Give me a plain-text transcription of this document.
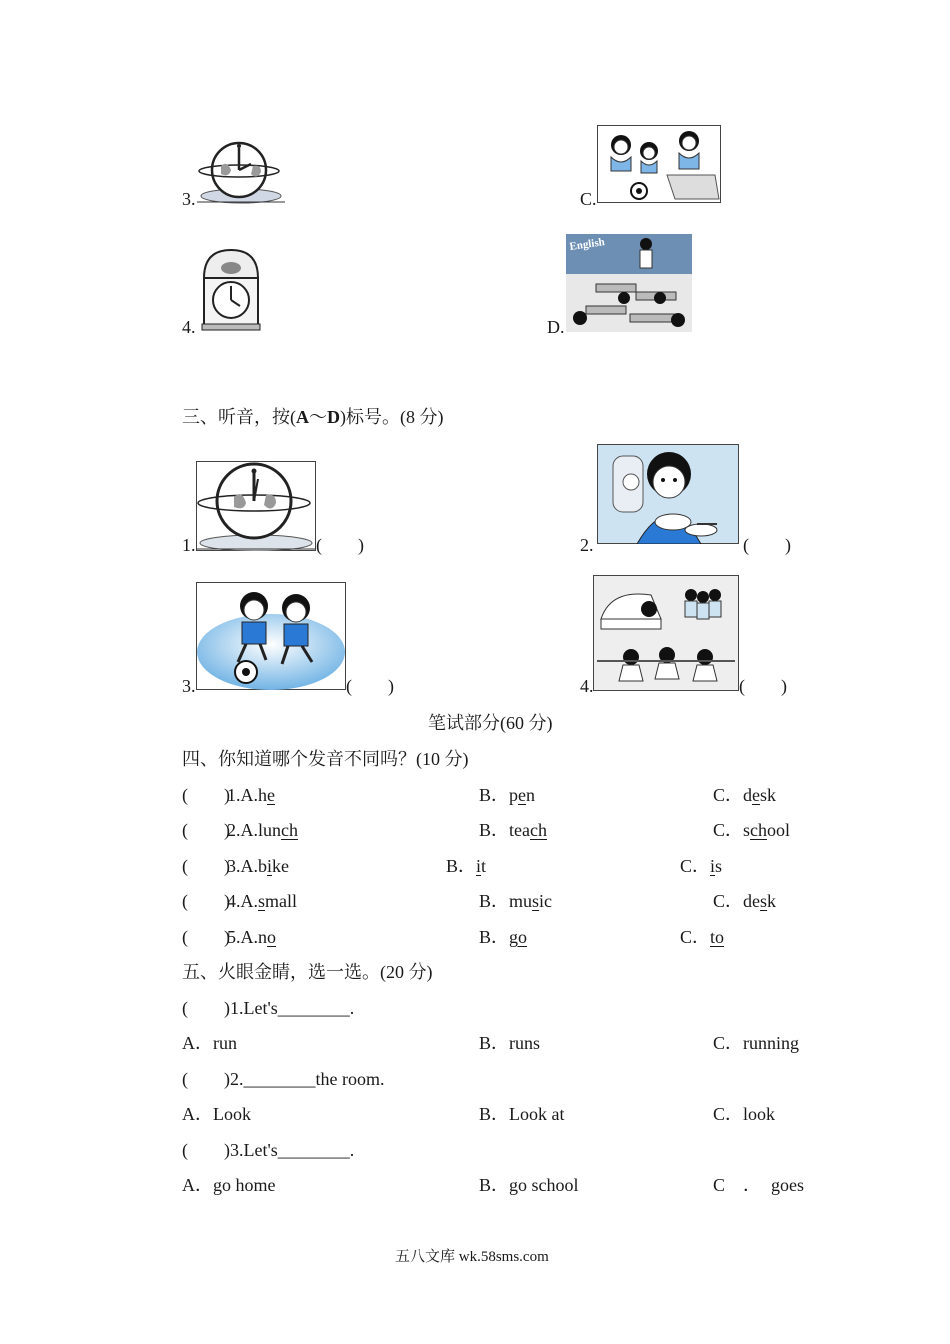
3.	C.
4.
English
D.
三、听音，按(A～D)标号。(8 分)
1.	(　　)	2.	(　　)
3.	(　　)	4.	(　　)
笔试部分(60 分)
四、你知道哪个发音不同吗？(10 分)
(　　)
1.A.he	B．pen	C．desk
(　　)
2.A.lunch	B．teach	C．school
(　　)
3.A.bike	B．it	C．is
(　　)
4.A.small	B．music	C．desk
(　　)
5.A.no	B．go	C．to
五、火眼金睛，选一选。(20 分)
(　　)1.Let's________.
A．run	B．runs	C．running
(　　)2.________the room.
A．Look	B．Look at	C．look
(　　)3.Let's________.
A．go home	B．go school	C　． goes
五八文库 wk.58sms.com
